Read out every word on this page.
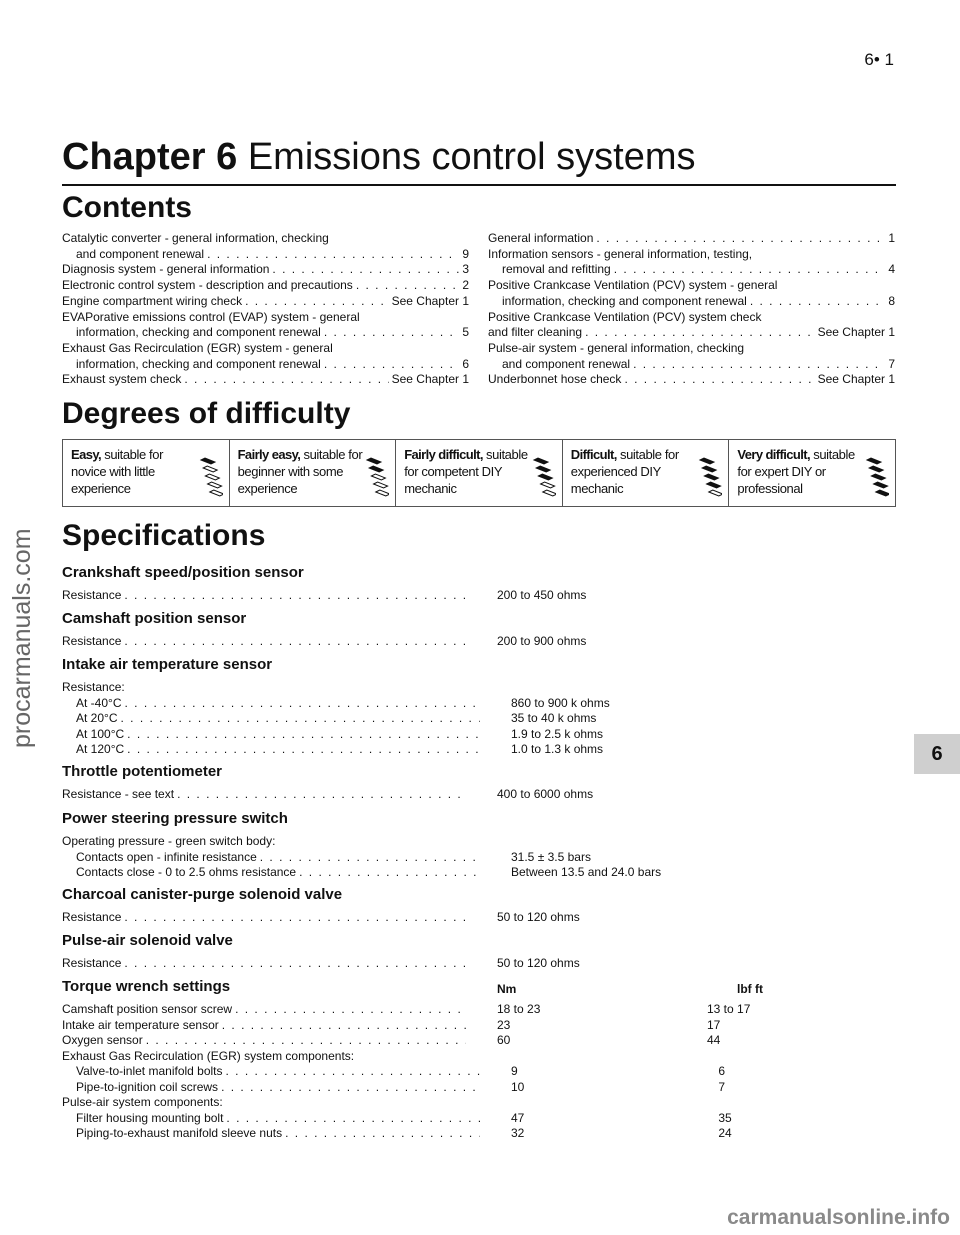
6• 1
Chapter 6 Emissions control systems
Contents
Catalytic converter - general information, checking
and component renewal . . .	9
Diagnosis system - general information . . .	3
Electronic control system - description and precautions . . .	2
Engine compartment wiring check . . .	See Chapter 1
EVAPorative emissions control (EVAP) system - general
information, checking and component renewal . . .	5
Exhaust Gas Recirculation (EGR) system - general
information, checking and component renewal . . .	6
Exhaust system check . . .	See Chapter 1
General information . . .	1
Information sensors - general information, testing,
removal and refitting . . .	4
Positive Crankcase Ventilation (PCV) system - general
information, checking and component renewal . . .	8
Positive Crankcase Ventilation (PCV) system check
and filter cleaning . . .	See Chapter 1
Pulse-air system - general information, checking
and component renewal . . .	7
Underbonnet hose check . . .	See Chapter 1
Degrees of difficulty
Easy, suitable for novice with little experience
Fairly easy, suitable for beginner with some experience
Fairly difficult, suitable for competent DIY mechanic
Difficult, suitable for experienced DIY mechanic
Very difficult, suitable for expert DIY or professional
Specifications
Crankshaft speed/position sensor
Resistance . . .	200 to 450 ohms
Camshaft position sensor
Resistance . . .	200 to 900 ohms
Intake air temperature sensor
Resistance:
At -40°C . . .	860 to 900 k ohms
At 20°C . . .	35 to 40 k ohms
At 100°C . . .	1.9 to 2.5 k ohms
At 120°C . . .	1.0 to 1.3 k ohms
Throttle potentiometer
Resistance - see text . . .	400 to 6000 ohms
Power steering pressure switch
Operating pressure - green switch body:
Contacts open - infinite resistance . . .	31.5 ± 3.5 bars
Contacts close - 0 to 2.5 ohms resistance . . .	Between 13.5 and 24.0 bars
Charcoal canister-purge solenoid valve
Resistance . . .	50 to 120 ohms
Pulse-air solenoid valve
Resistance . . .	50 to 120 ohms
Torque wrench settings	Nm	lbf ft
Camshaft position sensor screw . . .	18 to 23	13 to 17
Intake air temperature sensor . . .	23	17
Oxygen sensor . . .	60	44
Exhaust Gas Recirculation (EGR) system components:
Valve-to-inlet manifold bolts . . .	9	6
Pipe-to-ignition coil screws . . .	10	7
Pulse-air system components:
Filter housing mounting bolt . . .	47	35
Piping-to-exhaust manifold sleeve nuts . . .	32	24
6
procarmanuals.com
carmanualsonline.info
